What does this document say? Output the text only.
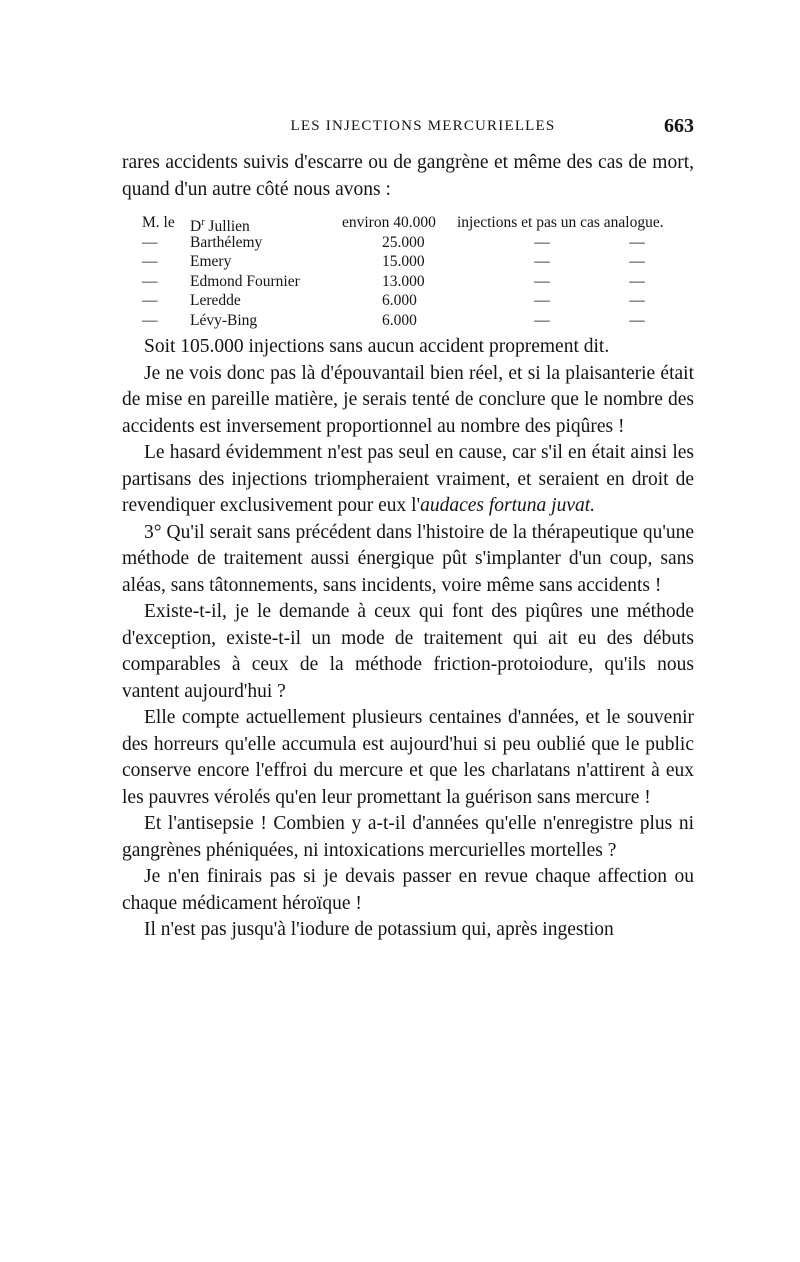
LES INJECTIONS MERCURIELLES	663

rares accidents suivis d'escarre ou de gangrène et même des cas de mort, quand d'un autre côté nous avons :

M. le $D^r$ Jullien	environ 40.000	injections et pas un cas analogue.
—	Barthélemy	25.000	—	—
—	Emery	15.000	—	—
—	Edmond Fournier	13.000	—	—
—	Leredde	6.000	—	—
—	Lévy-Bing	6.000	—	—

Soit 105.000 injections sans aucun accident proprement dit.

Je ne vois donc pas là d'épouvantail bien réel, et si la plaisanterie était de mise en pareille matière, je serais tenté de conclure que le nombre des accidents est inversement proportionnel au nombre des piqûres !

Le hasard évidemment n'est pas seul en cause, car s'il en était ainsi les partisans des injections triompheraient vraiment, et seraient en droit de revendiquer exclusivement pour eux l'audaces fortuna juvat.

3° Qu'il serait sans précédent dans l'histoire de la thérapeutique qu'une méthode de traitement aussi énergique pût s'implanter d'un coup, sans aléas, sans tâtonnements, sans incidents, voire même sans accidents !

Existe-t-il, je le demande à ceux qui font des piqûres une méthode d'exception, existe-t-il un mode de traitement qui ait eu des débuts comparables à ceux de la méthode friction-protoiodure, qu'ils nous vantent aujourd'hui ?

Elle compte actuellement plusieurs centaines d'années, et le souvenir des horreurs qu'elle accumula est aujourd'hui si peu oublié que le public conserve encore l'effroi du mercure et que les charlatans n'attirent à eux les pauvres vérolés qu'en leur promettant la guérison sans mercure !

Et l'antisepsie ! Combien y a-t-il d'années qu'elle n'enregistre plus ni gangrènes phéniquées, ni intoxications mercurielles mortelles ?

Je n'en finirais pas si je devais passer en revue chaque affection ou chaque médicament héroïque !

Il n'est pas jusqu'à l'iodure de potassium qui, après ingestion
